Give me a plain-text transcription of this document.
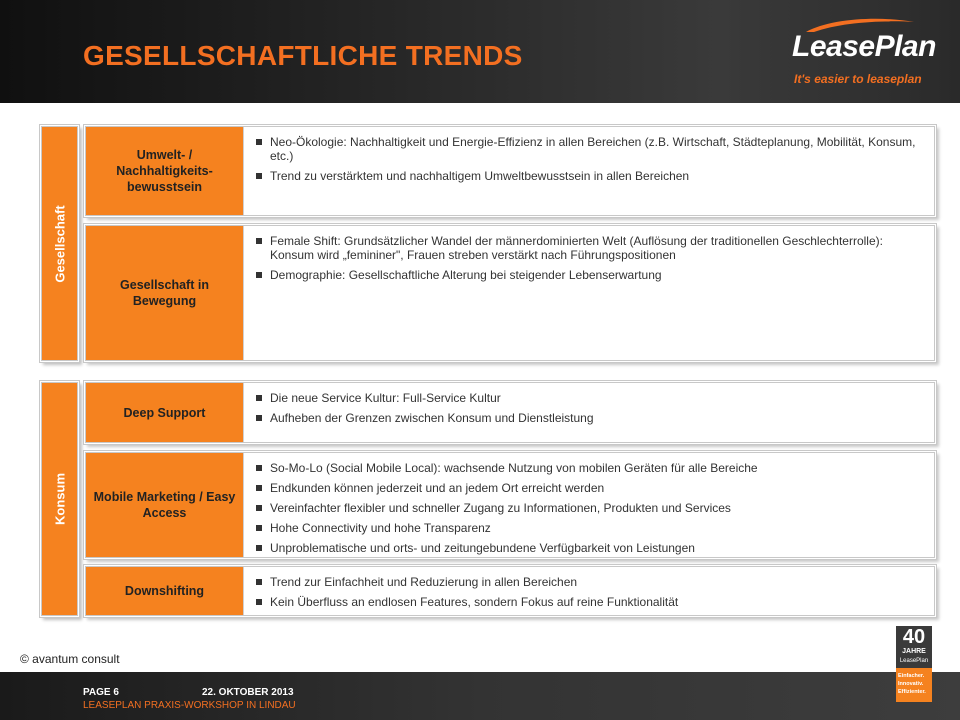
GESELLSCHAFTLICHE TRENDS	LeasePlan
It's easier to leaseplan
Gesellschaft
Konsum
Umwelt- / Nachhaltigkeits-bewusstsein
Neo-Ökologie: Nachhaltigkeit und Energie-Effizienz in allen Bereichen (z.B. Wirtschaft, Städteplanung, Mobilität, Konsum, etc.)
Trend zu verstärktem und nachhaltigem Umweltbewusstsein in allen Bereichen
Gesellschaft in Bewegung
Female Shift: Grundsätzlicher Wandel der männerdominierten Welt (Auflösung der traditionellen Geschlechterrolle): Konsum wird „femininer", Frauen streben verstärkt nach Führungspositionen
Demographie: Gesellschaftliche Alterung bei steigender Lebenserwartung
Deep Support
Die neue Service Kultur: Full-Service Kultur
Aufheben der Grenzen zwischen Konsum und Dienstleistung
Mobile Marketing / Easy Access
So-Mo-Lo (Social Mobile Local): wachsende Nutzung von mobilen Geräten für alle Bereiche
Endkunden können jederzeit und an jedem Ort erreicht werden
Vereinfachter flexibler und schneller Zugang zu Informationen, Produkten und Services
Hohe Connectivity und hohe Transparenz
Unproblematische und orts- und zeitungebundene Verfügbarkeit von Leistungen
Downshifting
Trend zur Einfachheit und Reduzierung in allen Bereichen
Kein Überfluss an endlosen Features, sondern Fokus auf reine Funktionalität
© avantum consult
PAGE 6	22. OKTOBER 2013
LEASEPLAN PRAXIS-WORKSHOP IN LINDAU
40
JAHRE
LeasePlan
Einfacher.
Innovativ.
Effizienter.
